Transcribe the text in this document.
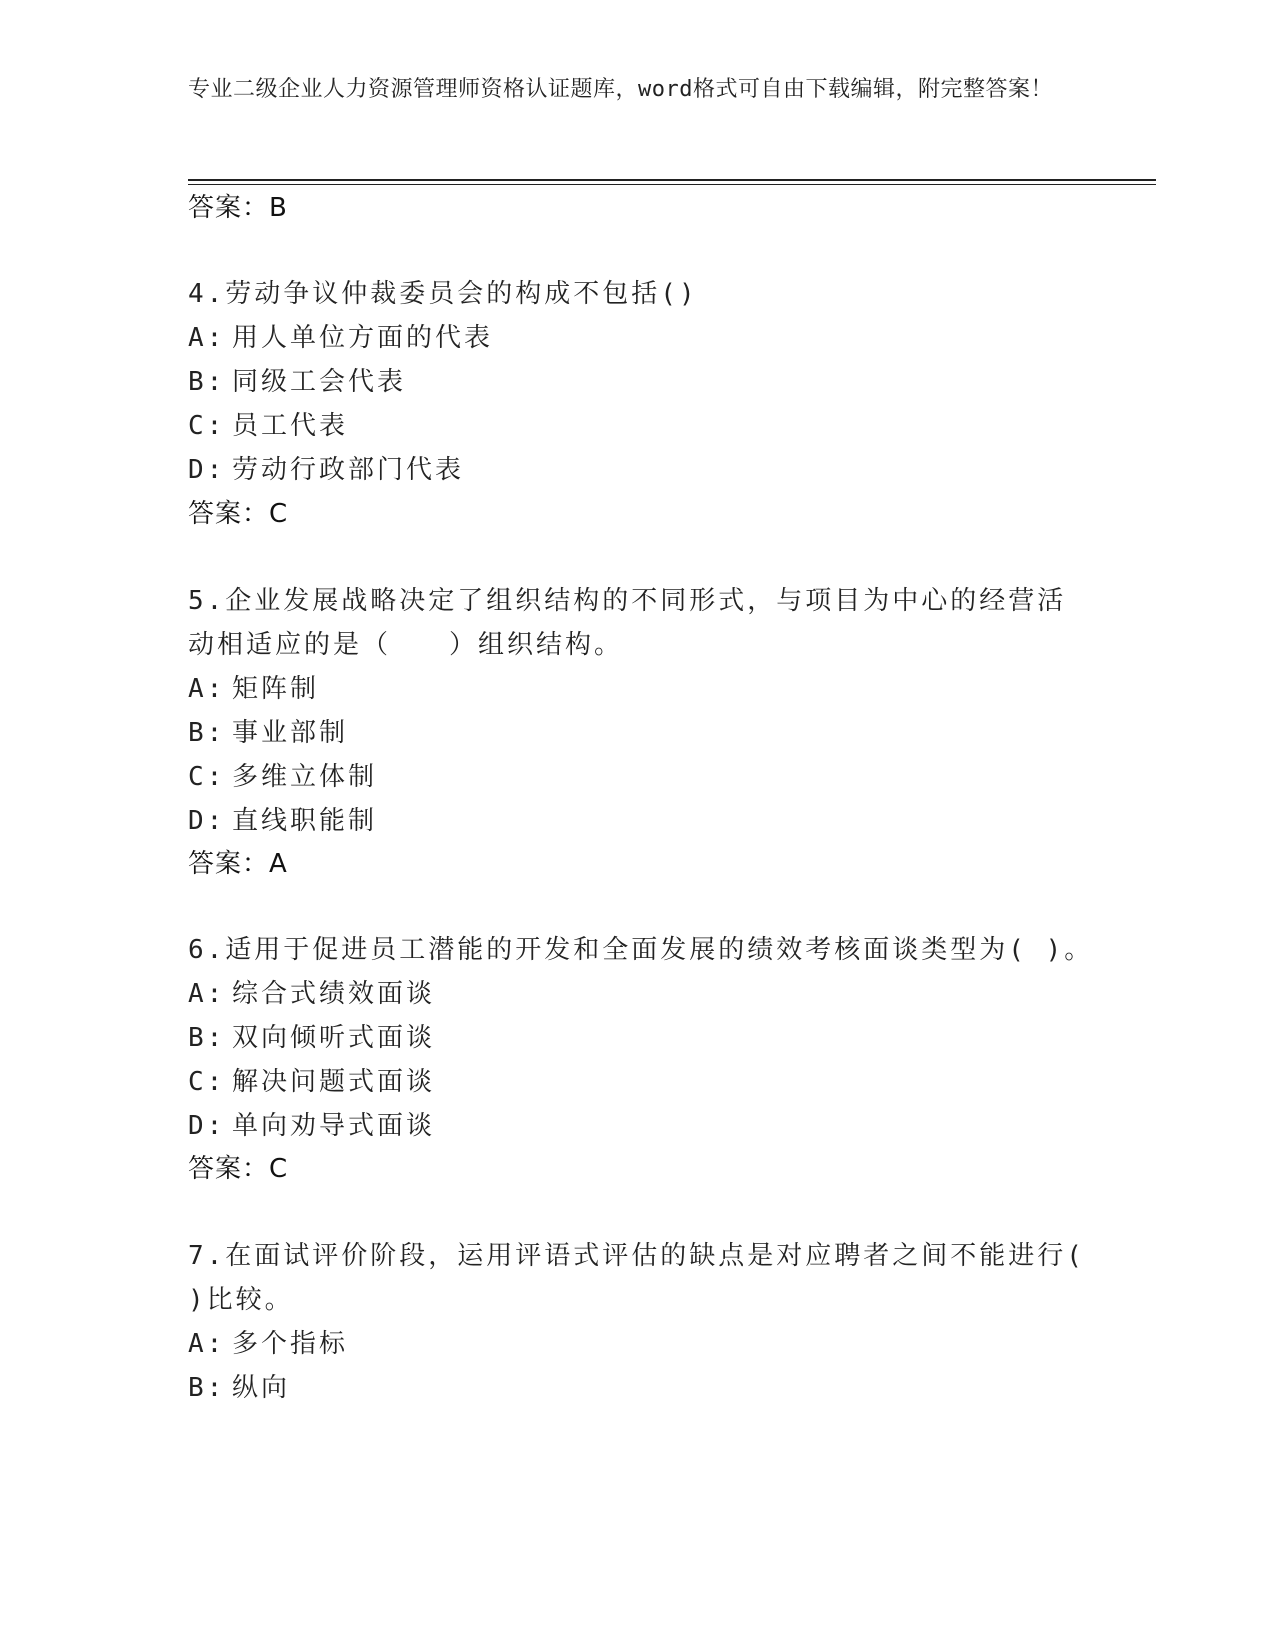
专业二级企业人力资源管理师资格认证题库，word格式可自由下载编辑，附完整答案！
答案：B
4.劳动争议仲裁委员会的构成不包括()
A: 用人单位方面的代表
B: 同级工会代表
C: 员工代表
D: 劳动行政部门代表
答案：C
5.企业发展战略决定了组织结构的不同形式，与项目为中心的经营活
动相适应的是（　　）组织结构。
A: 矩阵制
B: 事业部制
C: 多维立体制
D: 直线职能制
答案：A
6.适用于促进员工潜能的开发和全面发展的绩效考核面谈类型为( )。
A: 综合式绩效面谈
B: 双向倾听式面谈
C: 解决问题式面谈
D: 单向劝导式面谈
答案：C
7.在面试评价阶段，运用评语式评估的缺点是对应聘者之间不能进行(
)比较。
A: 多个指标
B: 纵向
